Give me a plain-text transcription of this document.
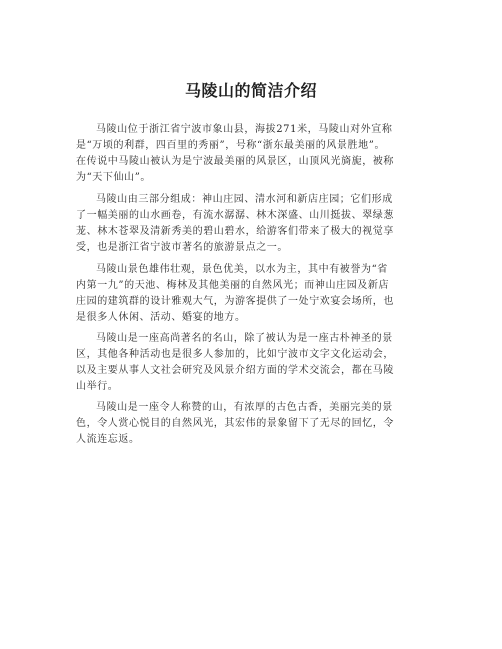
马陵山的简洁介绍
马陵山位于浙江省宁波市象山县，海拔271米，马陵山对外宣称
是“万顷的利群，四百里的秀丽”，号称“浙东最美丽的风景胜地”。
在传说中马陵山被认为是宁波最美丽的风景区，山顶风光旖旎，被称
为“天下仙山”。
马陵山由三部分组成：神山庄园、清水河和新店庄园；它们形成
了一幅美丽的山水画卷，有流水潺潺、林木深盛、山川挺拔、翠绿葱
茏、林木苍翠及清新秀美的碧山碧水，给游客们带来了极大的视觉享
受，也是浙江省宁波市著名的旅游景点之一。
马陵山景色雄伟壮观，景色优美，以水为主，其中有被誉为“省
内第一九”的天池、梅林及其他美丽的自然风光；而神山庄园及新店
庄园的建筑群的设计雅观大气，为游客提供了一处宁欢宴会场所，也
是很多人休闲、活动、婚宴的地方。
马陵山是一座高尚著名的名山，除了被认为是一座古朴神圣的景
区，其他各种活动也是很多人参加的，比如宁波市文字文化运动会，
以及主要从事人文社会研究及风景介绍方面的学术交流会，都在马陵
山举行。
马陵山是一座令人称赞的山，有浓厚的古色古香，美丽完美的景
色，令人赏心悦目的自然风光，其宏伟的景象留下了无尽的回忆，令
人流连忘返。
